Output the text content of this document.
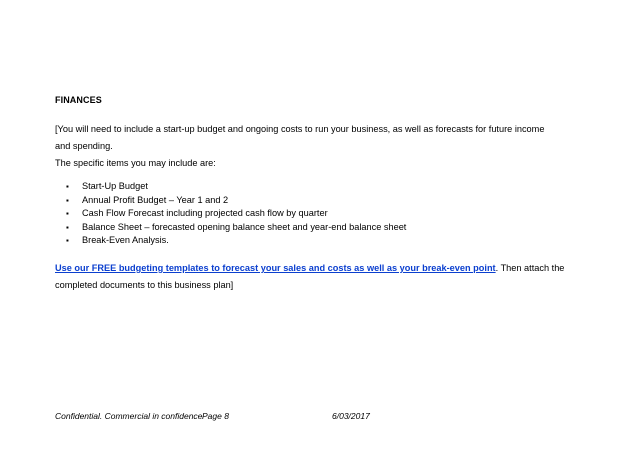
FINANCES

[You will need to include a start-up budget and ongoing costs to run your business, as well as forecasts for future income and spending.

The specific items you may include are:
▪ Start-Up Budget
▪ Annual Profit Budget – Year 1 and 2
▪ Cash Flow Forecast including projected cash flow by quarter
▪ Balance Sheet – forecasted opening balance sheet and year-end balance sheet
▪ Break-Even Analysis.

Use our FREE budgeting templates to forecast your sales and costs as well as your break-even point. Then attach the completed documents to this business plan]

Confidential. Commercial in confidence Page 8	6/03/2017
